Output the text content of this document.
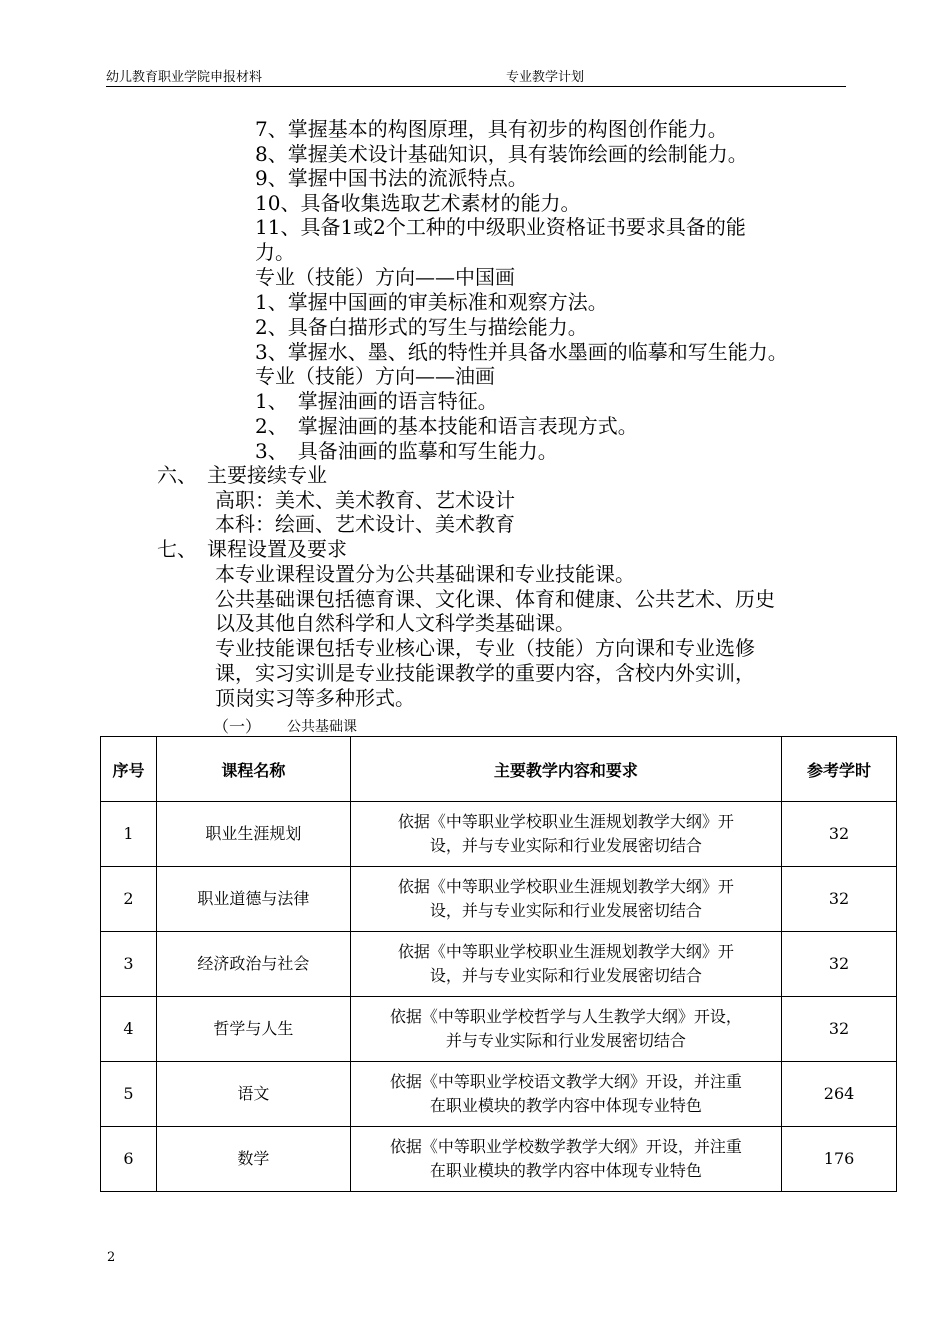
幼儿教育职业学院申报材料	专业教学计划
7、掌握基本的构图原理，具有初步的构图创作能力。
8、掌握美术设计基础知识，具有装饰绘画的绘制能力。
9、掌握中国书法的流派特点。
10、具备收集选取艺术素材的能力。
11、具备1或2个工种的中级职业资格证书要求具备的能
力。
专业（技能）方向——中国画
1、掌握中国画的审美标准和观察方法。
2、具备白描形式的写生与描绘能力。
3、掌握水、墨、纸的特性并具备水墨画的临摹和写生能力。
专业（技能）方向——油画
1、　掌握油画的语言特征。
2、　掌握油画的基本技能和语言表现方式。
3、　具备油画的监摹和写生能力。
六、　主要接续专业
高职：美术、美术教育、艺术设计
本科：绘画、艺术设计、美术教育
七、　课程设置及要求
本专业课程设置分为公共基础课和专业技能课。
公共基础课包括德育课、文化课、体育和健康、公共艺术、历史
以及其他自然科学和人文科学类基础课。
专业技能课包括专业核心课，专业（技能）方向课和专业选修
课，实习实训是专业技能课教学的重要内容，含校内外实训，
顶岗实习等多种形式。
（一） 公共基础课
序号	课程名称	主要教学内容和要求	参考学时
1	职业生涯规划	依据《中等职业学校职业生涯规划教学大纲》开
设，并与专业实际和行业发展密切结合	32
2	职业道德与法律	依据《中等职业学校职业生涯规划教学大纲》开
设，并与专业实际和行业发展密切结合	32
3	经济政治与社会	依据《中等职业学校职业生涯规划教学大纲》开
设，并与专业实际和行业发展密切结合	32
4	哲学与人生	依据《中等职业学校哲学与人生教学大纲》开设，
并与专业实际和行业发展密切结合	32
5	语文	依据《中等职业学校语文教学大纲》开设，并注重
在职业模块的教学内容中体现专业特色	264
6	数学	依据《中等职业学校数学教学大纲》开设，并注重
在职业模块的教学内容中体现专业特色	176
2
